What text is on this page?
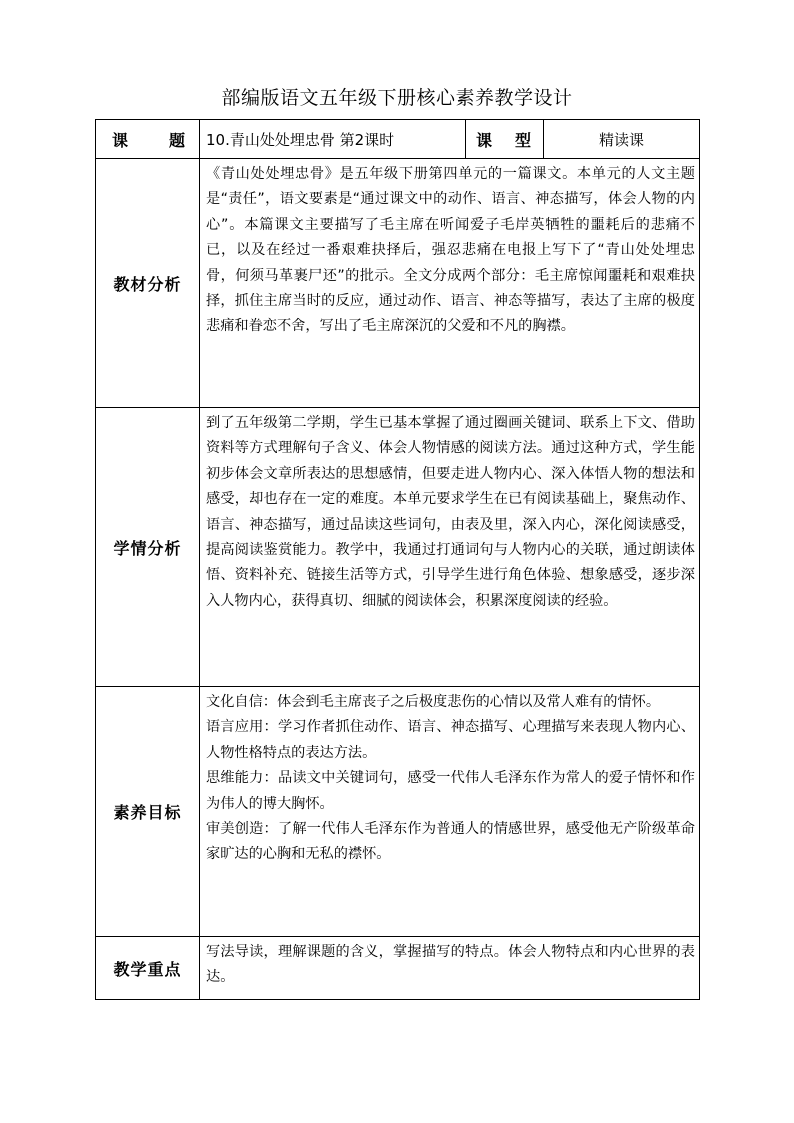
部编版语文五年级下册核心素养教学设计
课 题	10.青山处处埋忠骨 第2课时	课 型	精读课
教材分析	《青山处处埋忠骨》是五年级下册第四单元的一篇课文。本单元的人文主题是“责任”，语文要素是“通过课文中的动作、语言、神态描写，体会人物的内心”。本篇课文主要描写了毛主席在听闻爱子毛岸英牺牲的噩耗后的悲痛不已，以及在经过一番艰难抉择后，强忍悲痛在电报上写下了“青山处处埋忠骨，何须马革裹尸还”的批示。全文分成两个部分：毛主席惊闻噩耗和艰难抉择，抓住主席当时的反应，通过动作、语言、神态等描写，表达了主席的极度悲痛和眷恋不舍，写出了毛主席深沉的父爱和不凡的胸襟。		
学情分析	到了五年级第二学期，学生已基本掌握了通过圈画关键词、联系上下文、借助资料等方式理解句子含义、体会人物情感的阅读方法。通过这种方式，学生能初步体会文章所表达的思想感情，但要走进人物内心、深入体悟人物的想法和感受，却也存在一定的难度。本单元要求学生在已有阅读基础上，聚焦动作、语言、神态描写，通过品读这些词句，由表及里，深入内心，深化阅读感受，提高阅读鉴赏能力。教学中，我通过打通词句与人物内心的关联，通过朗读体悟、资料补充、链接生活等方式，引导学生进行角色体验、想象感受，逐步深入人物内心，获得真切、细腻的阅读体会，积累深度阅读的经验。		
素养目标	文化自信：体会到毛主席丧子之后极度悲伤的心情以及常人难有的情怀。

语言应用：学习作者抓住动作、语言、神态描写、心理描写来表现人物内心、人物性格特点的表达方法。

思维能力：品读文中关键词句，感受一代伟人毛泽东作为常人的爱子情怀和作为伟人的博大胸怀。

审美创造：了解一代伟人毛泽东作为普通人的情感世界，感受他无产阶级革命家旷达的心胸和无私的襟怀。		

教学重点	写法导读，理解课题的含义，掌握描写的特点。体会人物特点和内心世界的表达。		
